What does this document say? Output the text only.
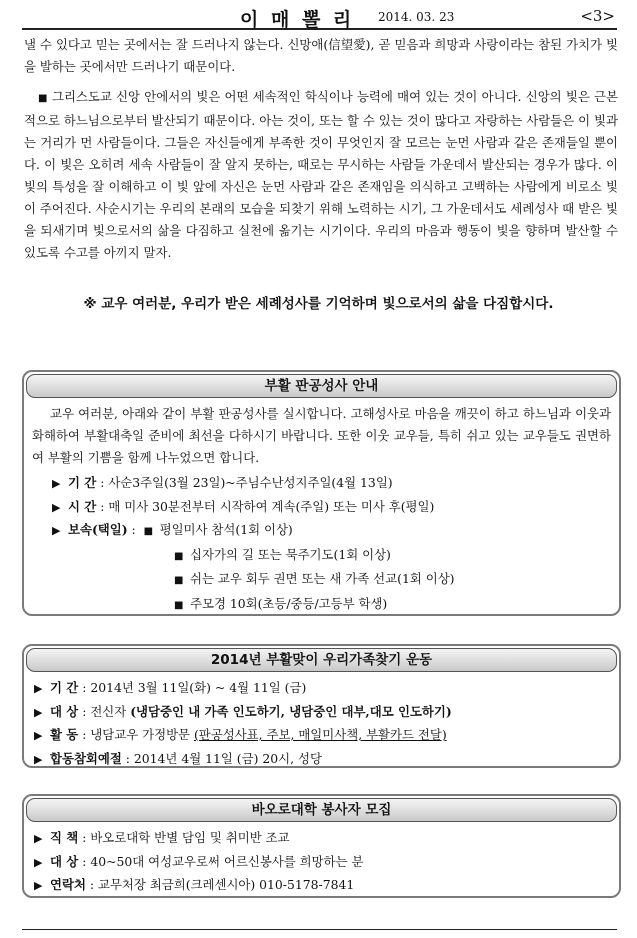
이 매 뽈 리 2014. 03. 23	<3>
낼 수 있다고 믿는 곳에서는 잘 드러나지 않는다. 신망애(信望愛), 곧 믿음과 희망과 사랑이라는 참된 가치가 빛을 발하는 곳에서만 드러나기 때문이다.
■ 그리스도교 신앙 안에서의 빛은 어떤 세속적인 학식이나 능력에 매여 있는 것이 아니다. 신앙의 빛은 근본적으로 하느님으로부터 발산되기 때문이다. 아는 것이, 또는 할 수 있는 것이 많다고 자랑하는 사람들은 이 빛과는 거리가 먼 사람들이다. 그들은 자신들에게 부족한 것이 무엇인지 잘 모르는 눈먼 사람과 같은 존재들일 뿐이다. 이 빛은 오히려 세속 사람들이 잘 알지 못하는, 때로는 무시하는 사람들 가운데서 발산되는 경우가 많다. 이 빛의 특성을 잘 이해하고 이 빛 앞에 자신은 눈먼 사람과 같은 존재임을 의식하고 고백하는 사람에게 비로소 빛이 주어진다. 사순시기는 우리의 본래의 모습을 되찾기 위해 노력하는 시기, 그 가운데서도 세례성사 때 받은 빛을 되새기며 빛으로서의 삶을 다짐하고 실천에 옮기는 시기이다. 우리의 마음과 행동이 빛을 향하며 발산할 수 있도록 수고를 아끼지 말자.
※ 교우 여러분, 우리가 받은 세례성사를 기억하며 빛으로서의 삶을 다짐합시다.
부활 판공성사 안내
교우 여러분, 아래와 같이 부활 판공성사를 실시합니다. 고해성사로 마음을 깨끗이 하고 하느님과 이웃과 화해하여 부활대축일 준비에 최선을 다하시기 바랍니다. 또한 이웃 교우들, 특히 쉬고 있는 교우들도 권면하여 부활의 기쁨을 함께 나누었으면 합니다.
▶ 기 간 : 사순3주일(3월 23일)~주님수난성지주일(4월 13일)
▶ 시 간 : 매 미사 30분전부터 시작하여 계속(주일) 또는 미사 후(평일)
▶ 보속(택일) :  ■ 평일미사 참석(1회 이상)
■ 십자가의 길 또는 묵주기도(1회 이상)
■ 쉬는 교우 회두 권면 또는 새 가족 선교(1회 이상)
■ 주모경 10회(초등/중등/고등부 학생)
2014년 부활맞이 우리가족찾기 운동
▶ 기 간 : 2014년 3월 11일(화) ~ 4월 11일 (금)
▶ 대 상 : 전신자 (냉담중인 내 가족 인도하기, 냉담중인 대부,대모 인도하기)
▶ 활 동 : 냉담교우 가정방문 (판공성사표, 주보, 매일미사책, 부활카드 전달)
▶ 합동참회예절 : 2014년 4월 11일 (금) 20시, 성당
바오로대학 봉사자 모집
▶ 직 책 : 바오로대학 반별 담임 및 취미반 조교
▶ 대 상 : 40~50대 여성교우로써 어르신봉사를 희망하는 분
▶ 연락처 : 교무처장 최금희(크레센시아) 010-5178-7841
